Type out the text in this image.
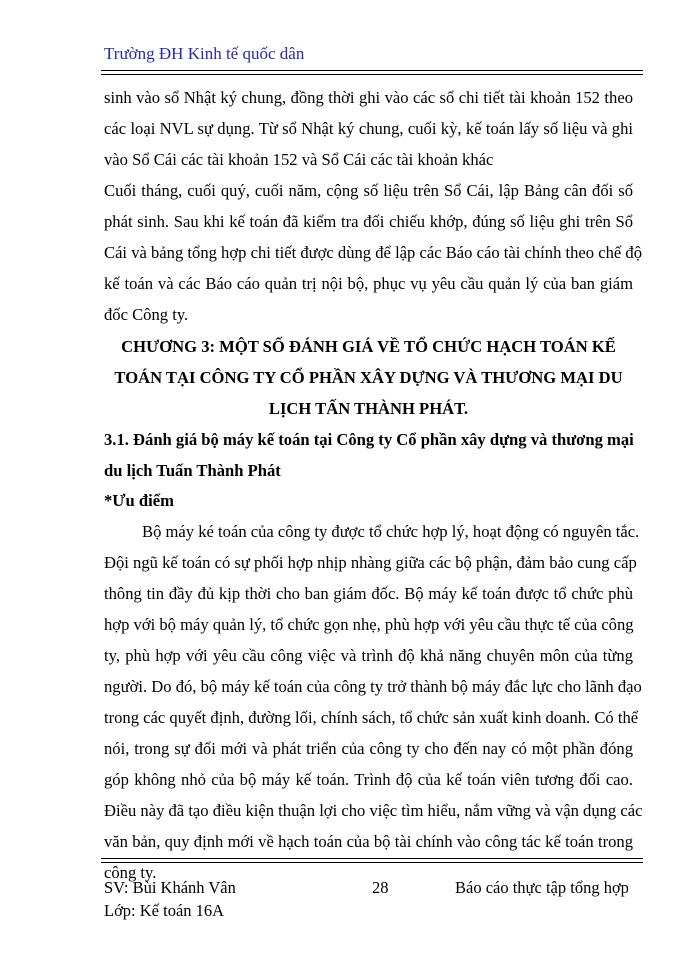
Trường ĐH Kinh tế quốc dân
sinh vào sổ Nhật ký chung, đồng thời ghi vào các sổ chi tiết tài khoản 152 theo
các loại NVL sự dụng. Từ sổ Nhật ký chung, cuối kỳ, kế toán lấy số liệu và ghi
vào Sổ Cái các tài khoản 152 và Sổ Cái các tài khoản khác
Cuối tháng, cuối quý, cuối năm, cộng số liệu trên Sổ Cái, lập Bảng cân đối số
phát sinh. Sau khi kế toán đã kiểm tra đối chiếu khớp, đúng số liệu ghi trên Sổ
Cái và bảng tổng hợp chi tiết được dùng để lập các Báo cáo tài chính theo chế độ
kế toán và các Báo cáo quản trị nội bộ, phục vụ yêu cầu quản lý của ban giám
đốc Công ty.
CHƯƠNG 3: MỘT SỐ ĐÁNH GIÁ VỀ TỔ CHỨC HẠCH TOÁN KẾ
TOÁN TẠI CÔNG TY CỔ PHẦN XÂY DỰNG VÀ THƯƠNG MẠI DU
LỊCH TẤN THÀNH PHÁT.
3.1. Đánh giá bộ máy kế toán tại Công ty Cổ phần xây dựng và thương mại
du lịch Tuấn Thành Phát
*Ưu điểm
Bộ máy ké toán của công ty được tổ chức hợp lý, hoạt động có nguyên tắc.
Đội ngũ kế toán có sự phối hợp nhịp nhàng giữa các bộ phận, đảm bảo cung cấp
thông tin đầy đủ kịp thời cho ban giám đốc. Bộ máy kế toán được tổ chức phù
hợp với bộ máy quản lý, tổ chức gọn nhẹ, phù hợp với yêu cầu thực tế của công
ty, phù hợp với yêu cầu công việc và trình độ khả năng chuyên môn của từng
người. Do đó, bộ máy kế toán của công ty trở thành bộ máy đắc lực cho lãnh đạo
trong các quyết định, đường lối, chính sách, tổ chức sản xuất kinh doanh. Có thể
nói, trong sự đổi mới và phát triển của công ty cho đến nay có một phần đóng
góp không nhỏ của bộ máy kế toán. Trình độ của kế toán viên tương đối cao.
Điều này đã tạo điều kiện thuận lợi cho việc tìm hiểu, nắm vững và vận dụng các
văn bản, quy định mới về hạch toán của bộ tài chính vào công tác kế toán trong
công ty.
SV: Bùi Khánh Vân	28	Báo cáo thực tập tổng hợp
Lớp: Kế toán 16A
